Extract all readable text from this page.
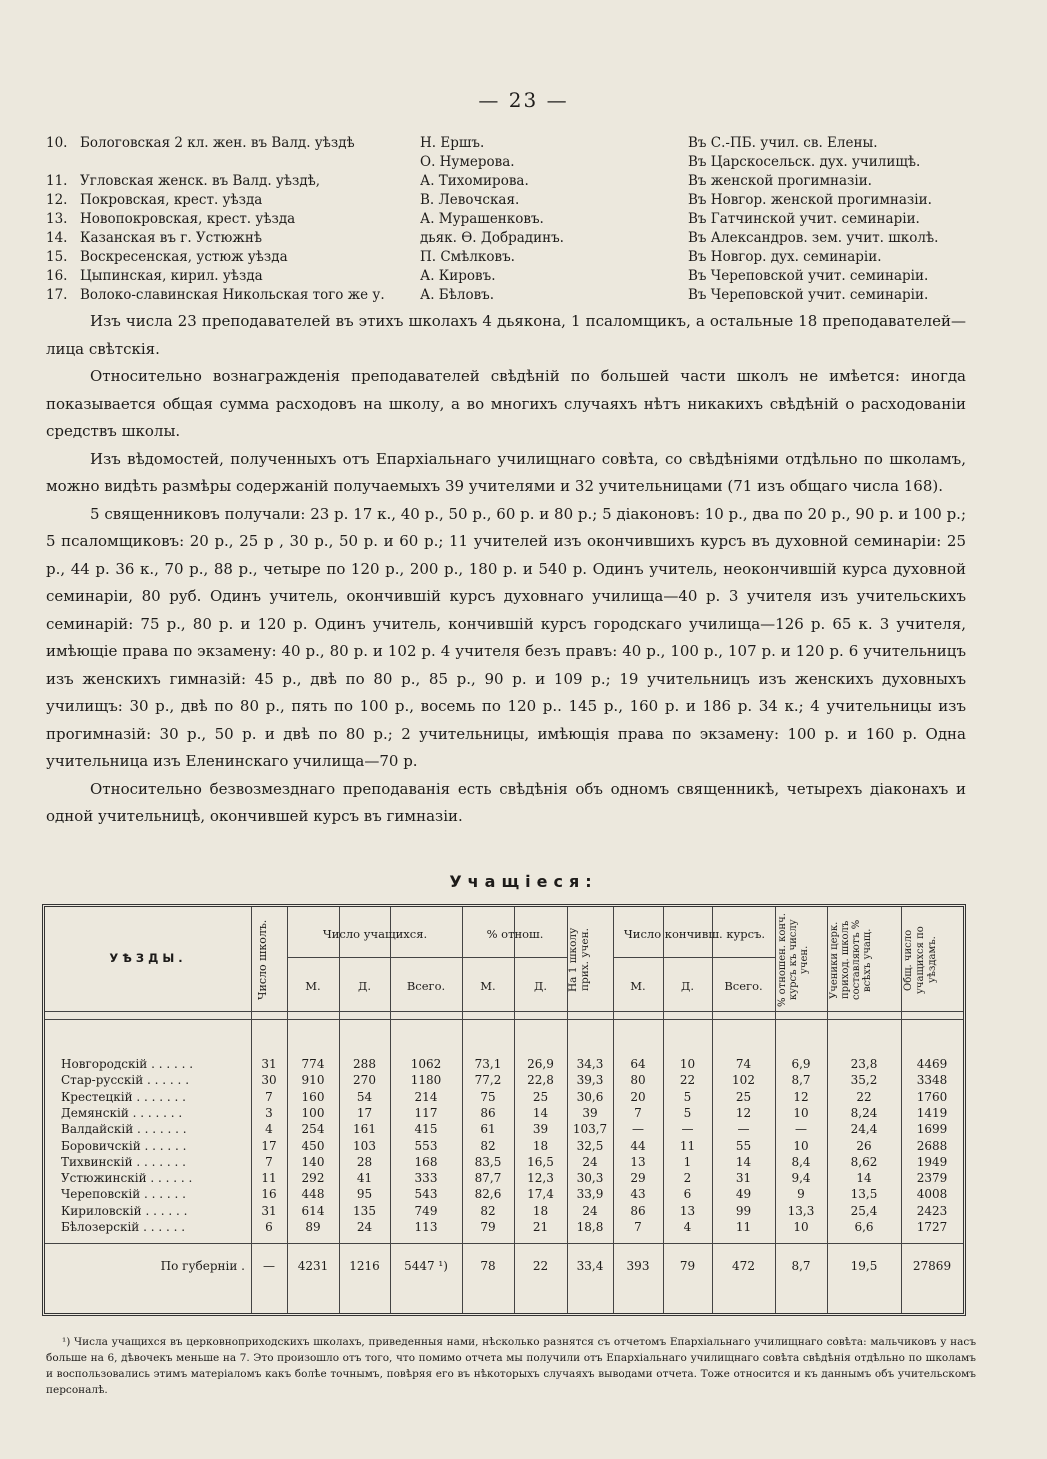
— 23 —
10. Бологовская 2 кл. жен. въ Валд. уѣздѣ	Н. Ершъ.	Въ С.-ПБ. учил. св. Елены.
О. Нумерова.	Въ Царскосельск. дух. училищѣ.
11. Угловская женск. въ Валд. уѣздѣ,	А. Тихомирова.	Въ женской прогимназіи.
12. Покровская, крест. уѣзда	В. Левочская.	Въ Новгор. женской прогимназіи.
13. Новопокровская, крест. уѣзда	А. Мурашенковъ.	Въ Гатчинской учит. семинаріи.
14. Казанская въ г. Устюжнѣ	дьяк. Ѳ. Добрадинъ.	Въ Александров. зем. учит. школѣ.
15. Воскресенская, устюж уѣзда	П. Смѣлковъ.	Въ Новгор. дух. семинаріи.
16. Цыпинская, кирил. уѣзда	А. Кировъ.	Въ Череповской учит. семинаріи.
17. Волоко-славинская Никольская того же у.	А. Бѣловъ.	Въ Череповской учит. семинаріи.

Изъ числа 23 преподавателей въ этихъ школахъ 4 дьякона, 1 псаломщикъ, а остальные 18 преподавателей—лица свѣтскія.

Относительно вознагражденія преподавателей свѣдѣній по большей части школъ не имѣется: иногда показывается общая сумма расходовъ на школу, а во многихъ случаяхъ нѣтъ никакихъ свѣдѣній о расходованіи средствъ школы.

Изъ вѣдомостей, полученныхъ отъ Епархіальнаго училищнаго совѣта, со свѣдѣніями отдѣльно по школамъ, можно видѣть размѣры содержаній получаемыхъ 39 учителями и 32 учительницами (71 изъ общаго числа 168).

5 священниковъ получали: 23 р. 17 к., 40 р., 50 р., 60 р. и 80 р.; 5 діаконовъ: 10 р., два по 20 р., 90 р. и 100 р.; 5 псаломщиковъ: 20 р., 25 р , 30 р., 50 р. и 60 р.; 11 учителей изъ окончившихъ курсъ въ духовной семинаріи: 25 р., 44 р. 36 к., 70 р., 88 р., четыре по 120 р., 200 р., 180 р. и 540 р. Одинъ учитель, неокончившій курса духовной семинаріи, 80 руб. Одинъ учитель, окончившій курсъ духовнаго училища—40 р. 3 учителя изъ учительскихъ семинарій: 75 р., 80 р. и 120 р. Одинъ учитель, кончившій курсъ городскаго училища—126 р. 65 к. 3 учителя, имѣющіе права по экзамену: 40 р., 80 р. и 102 р. 4 учителя безъ правъ: 40 р., 100 р., 107 р. и 120 р. 6 учительницъ изъ женскихъ гимназій: 45 р., двѣ по 80 р., 85 р., 90 р. и 109 р.; 19 учительницъ изъ женскихъ духовныхъ училищъ: 30 р., двѣ по 80 р., пять по 100 р., восемь по 120 р.. 145 р., 160 р. и 186 р. 34 к.; 4 учительницы изъ прогимназій: 30 р., 50 р. и двѣ по 80 р.; 2 учительницы, имѣющія права по экзамену: 100 р. и 160 р. Одна учительница изъ Еленинскаго училища—70 р.

Относительно безвозмезднаго преподаванія есть свѣдѣнія объ одномъ священникѣ, четырехъ діаконахъ и одной учительницѣ, окончившей курсъ въ гимназіи.

Учащіеся:
УѢЗДЫ.	Число школъ.	Число учащихся.	% отнош.	На 1 школу прих. учен.	Число кончивш. курсъ.	% отношен. конч. курсъ къ числу учен.	Ученики церк. приход. школъ составляютъ % всѣхъ учащ.	Общ. число учащихся по уѣздамъ.
М.	Д.	Всего.	М.	Д.	М.	Д.	Всего.
Новгородскій . . . . . .	31	774	288	1062	73,1	26,9	34,3	64	10	74	6,9	23,8	4469
Стар-русскій . . . . . .	30	910	270	1180	77,2	22,8	39,3	80	22	102	8,7	35,2	3348
Крестецкій . . . . . . .	7	160	54	214	75	25	30,6	20	5	25	12	22	1760
Демянскій . . . . . . .	3	100	17	117	86	14	39	7	5	12	10	8,24	1419
Валдайскій . . . . . . .	4	254	161	415	61	39	103,7	—	—	—	—	24,4	1699
Боровичскій . . . . . .	17	450	103	553	82	18	32,5	44	11	55	10	26	2688
Тихвинскій . . . . . . .	7	140	28	168	83,5	16,5	24	13	1	14	8,4	8,62	1949
Устюжинскій . . . . . .	11	292	41	333	87,7	12,3	30,3	29	2	31	9,4	14	2379
Череповскій . . . . . .	16	448	95	543	82,6	17,4	33,9	43	6	49	9	13,5	4008
Кириловскій . . . . . .	31	614	135	749	82	18	24	86	13	99	13,3	25,4	2423
Бѣлозерскій . . . . . .	6	89	24	113	79	21	18,8	7	4	11	10	6,6	1727
По губерніи .	—	4231	1216	5447 ¹)	78	22	33,4	393	79	472	8,7	19,5	27869

¹) Числа учащихся въ церковноприходскихъ школахъ, приведенныя нами, нѣсколько разнятся съ отчетомъ Епархіальнаго училищнаго совѣта: мальчиковъ у насъ больше на 6, дѣвочекъ меньше на 7. Это произошло отъ того, что помимо отчета мы получили отъ Епархіальнаго училищнаго совѣта свѣдѣнія отдѣльно по школамъ и воспользовались этимъ матеріаломъ какъ болѣе точнымъ, повѣряя его въ нѣкоторыхъ случаяхъ выводами отчета. Тоже относится и къ даннымъ объ учительскомъ персоналѣ.
